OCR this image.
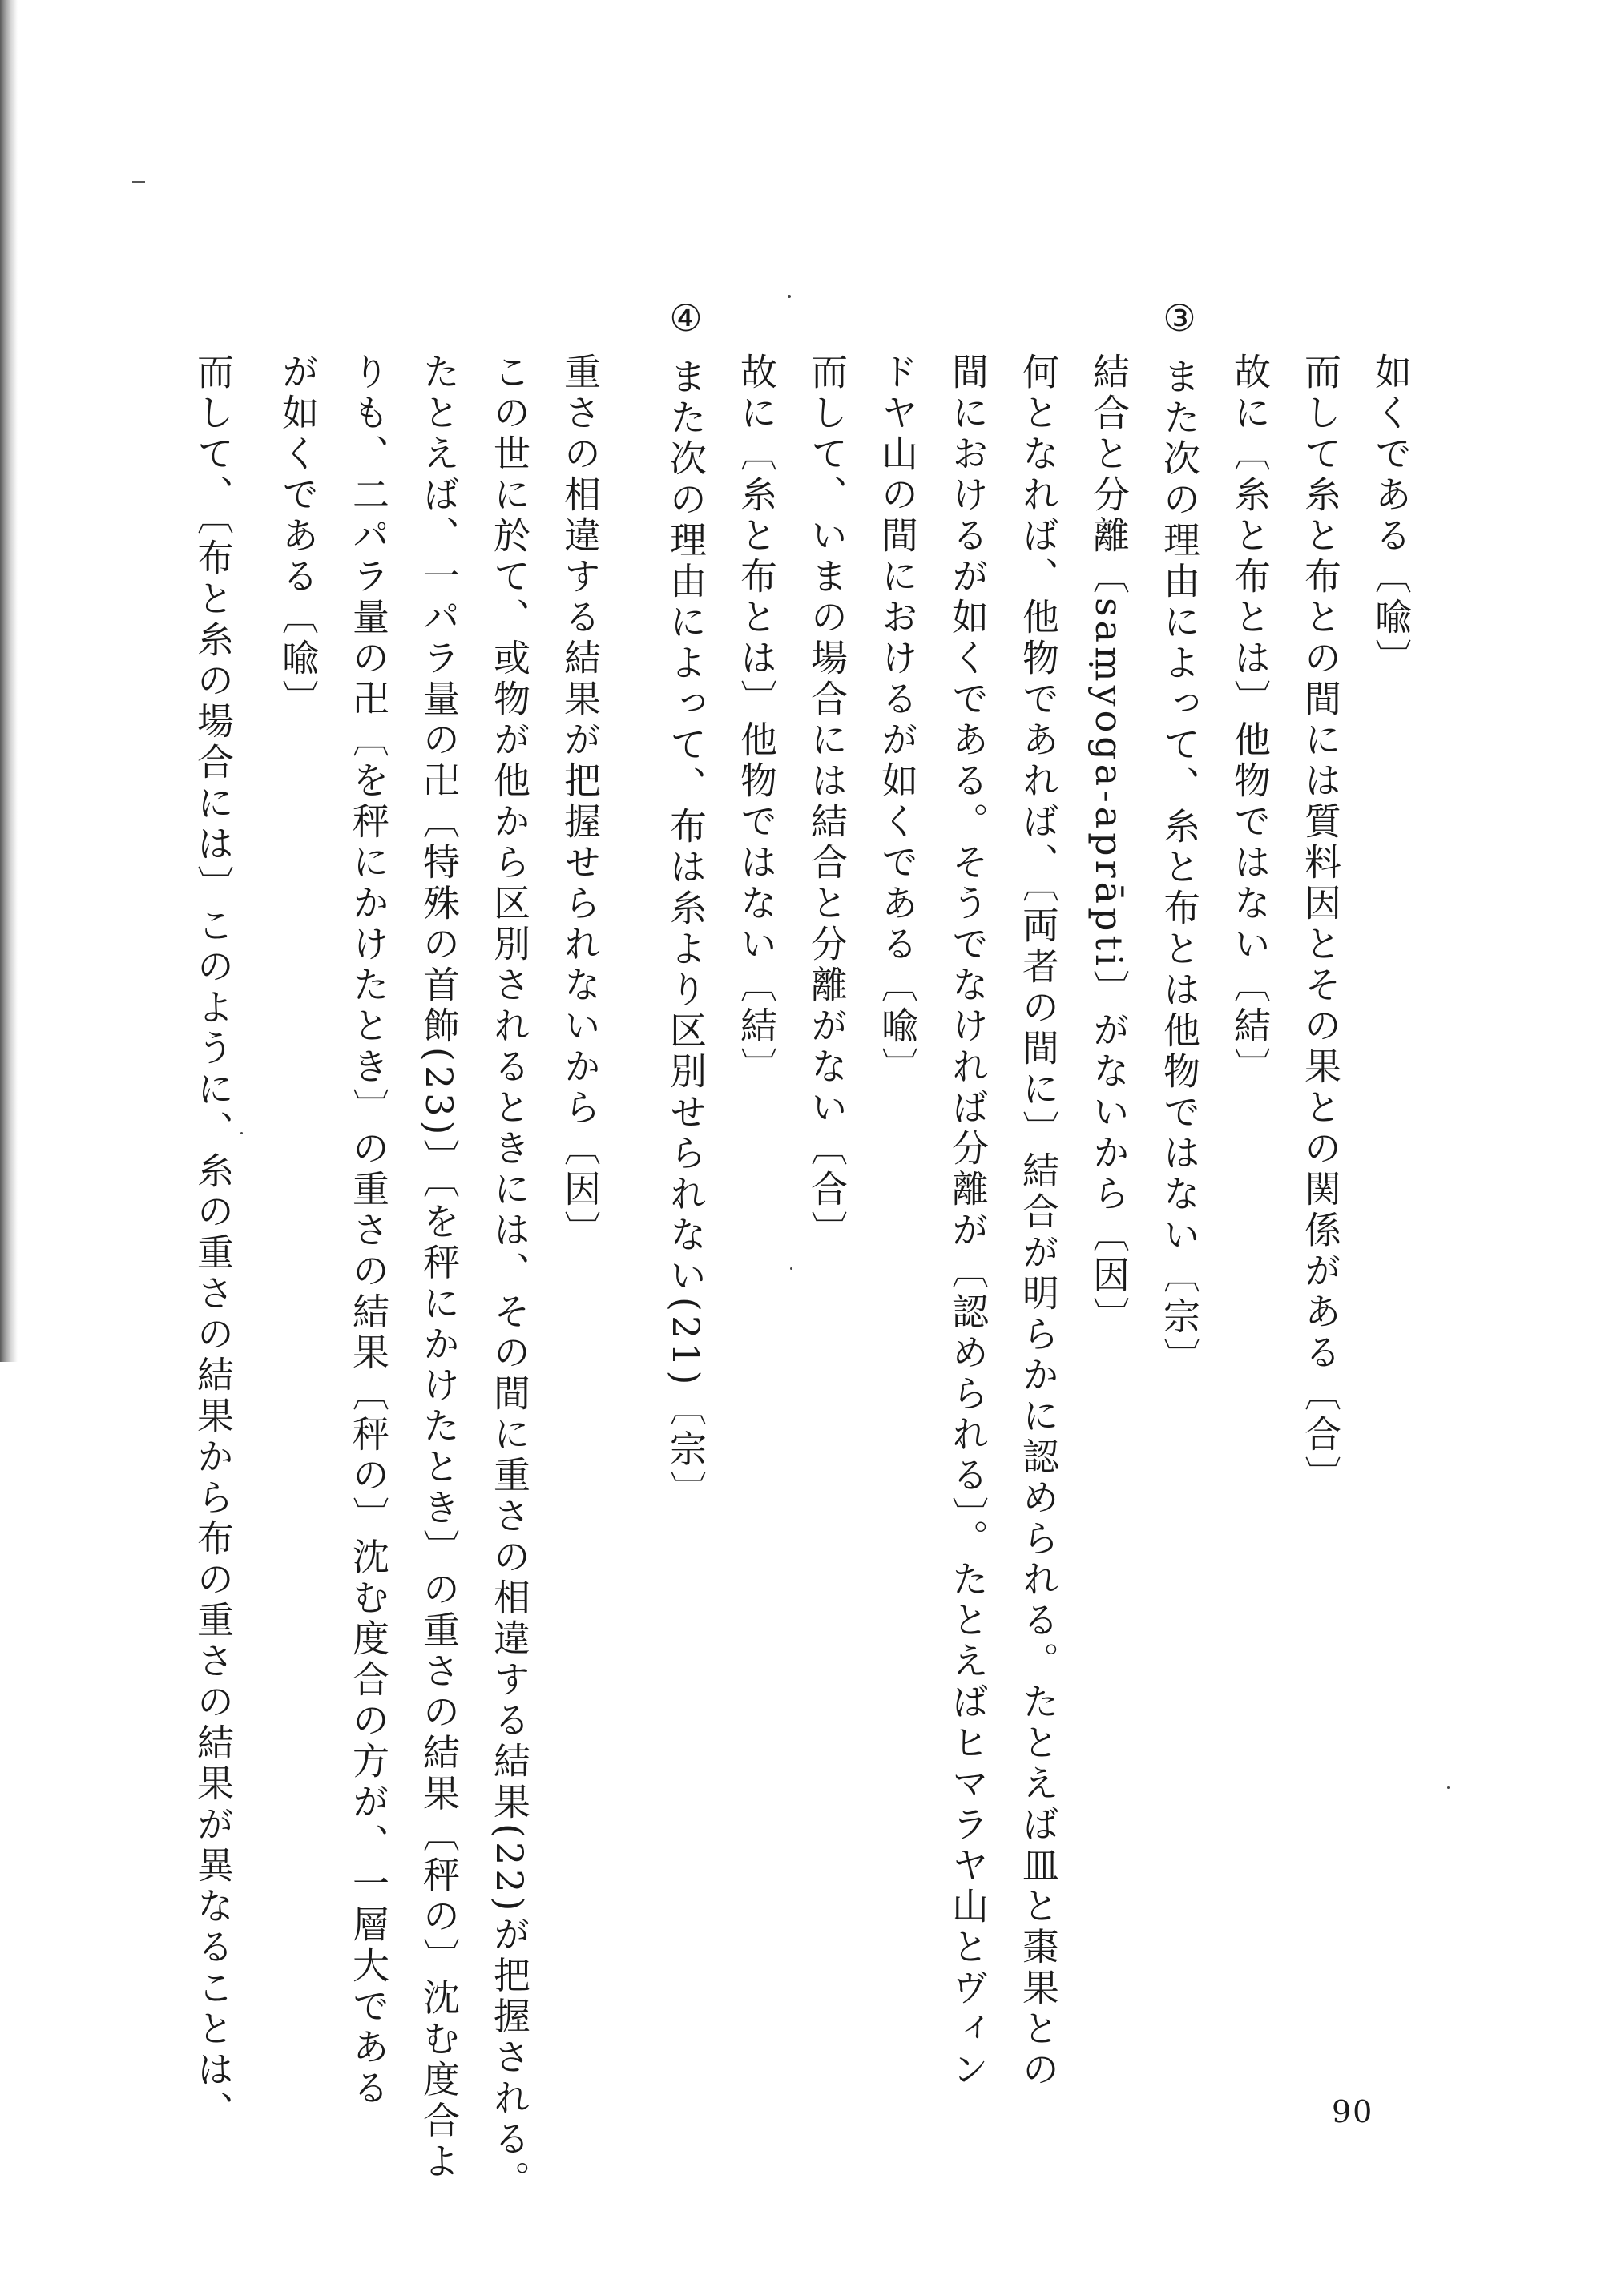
如くである〔喩〕
而して糸と布との間には質料因とその果との関係がある〔合〕
故に〔糸と布とは〕他物ではない〔結〕
③
また次の理由によって、糸と布とは他物ではない〔宗〕
結合と分離〔saṃyoga-aprāpti〕がないから〔因〕
何となれば、他物であれば、〔両者の間に〕結合が明らかに認められる。たとえば皿と棗果との
間におけるが如くである。そうでなければ分離が〔認められる〕。たとえばヒマラヤ山とヴィン
ドヤ山の間におけるが如くである〔喩〕
而して、いまの場合には結合と分離がない〔合〕
故に〔糸と布とは〕他物ではない〔結〕
④
また次の理由によって、布は糸より区別せられない(21)〔宗〕
重さの相違する結果が把握せられないから〔因〕
この世に於て、或物が他から区別されるときには、その間に重さの相違する結果(22)が把握される。
たとえば、一パラ量の卍〔特殊の首飾(23)〕〔を秤にかけたとき〕の重さの結果〔秤の〕沈む度合よ
りも、二パラ量の卍〔を秤にかけたとき〕の重さの結果〔秤の〕沈む度合の方が、一層大である
が如くである〔喩〕
而して、〔布と糸の場合には〕このように、糸の重さの結果から布の重さの結果が異なることは、	90
